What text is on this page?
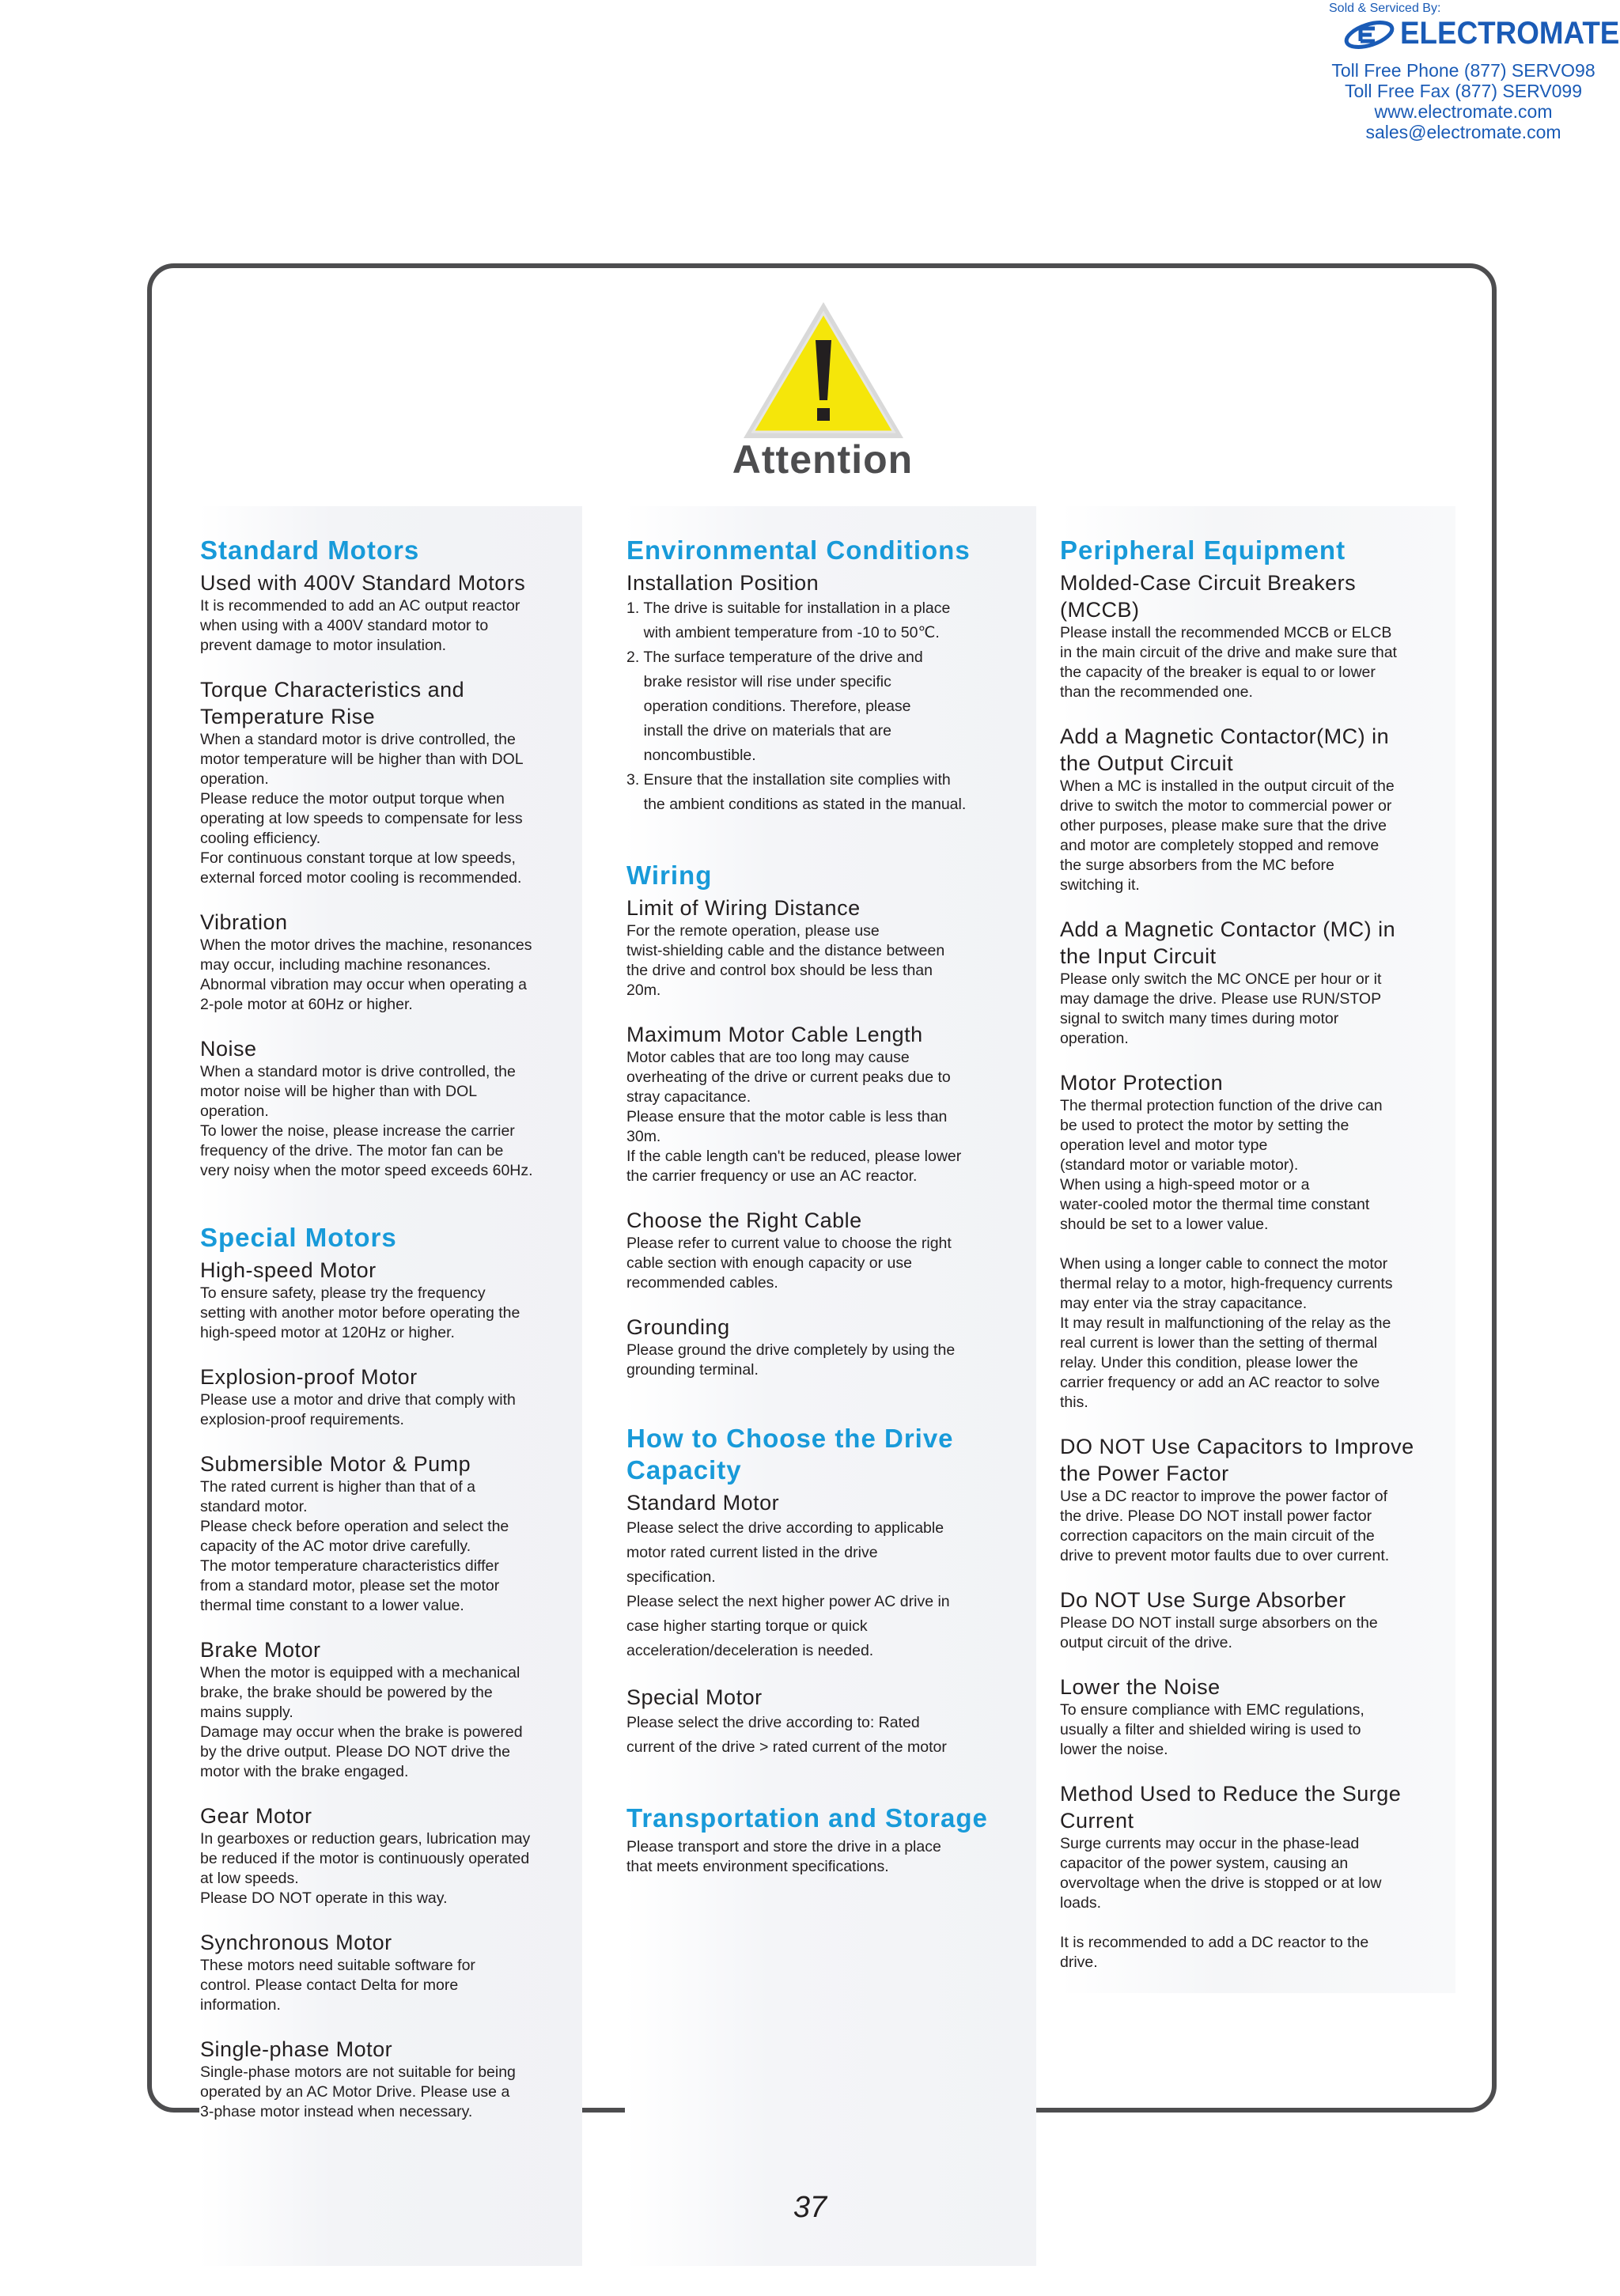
Sold & Serviced By:
ELECTROMATE
Toll Free Phone (877) SERVO98
Toll Free Fax (877) SERV099
www.electromate.com
sales@electromate.com
Attention
Standard Motors
Used with 400V Standard Motors
It is recommended to add an AC output reactor
when using with a 400V standard motor to
prevent damage to motor insulation.
Torque Characteristics and
Temperature Rise
When a standard motor is drive controlled, the
motor temperature will be higher than with DOL
operation.
Please reduce the motor output torque when
operating at low speeds to compensate for less
cooling efficiency.
For continuous constant torque at low speeds,
external forced motor cooling is recommended.
Vibration
When the motor drives the machine, resonances
may occur, including machine resonances.
Abnormal vibration may occur when operating a
2-pole motor at 60Hz or higher.
Noise
When a standard motor is drive controlled, the
motor noise will be higher than with DOL
operation.
To lower the noise, please increase the carrier
frequency of the drive. The motor fan can be
very noisy when the motor speed exceeds 60Hz.
Special Motors
High-speed Motor
To ensure safety, please try the frequency
setting with another motor before operating the
high-speed motor at 120Hz or higher.
Explosion-proof Motor
Please use a motor and drive that comply with
explosion-proof requirements.
Submersible Motor & Pump
The rated current is higher than that of a
standard motor.
Please check before operation and select the
capacity of the AC motor drive carefully.
The motor temperature characteristics differ
from a standard motor, please set the motor
thermal time constant to a lower value.
Brake Motor
When the motor is equipped with a mechanical
brake, the brake should be powered by the
mains supply.
Damage may occur when the brake is powered
by the drive output. Please DO NOT drive the
motor with the brake engaged.
Gear Motor
In gearboxes or reduction gears, lubrication may
be reduced if the motor is continuously operated
at low speeds.
Please DO NOT operate in this way.
Synchronous Motor
These motors need suitable software for
control. Please contact Delta for more
information.
Single-phase Motor
Single-phase motors are not suitable for being
operated by an AC Motor Drive. Please use a
3-phase motor instead when necessary.
Environmental Conditions
Installation Position
1. The drive is suitable for installation in a place
with ambient temperature from -10 to 50℃.
2. The surface temperature of the drive and
brake resistor will rise under specific
operation conditions. Therefore, please
install the drive on materials that are
noncombustible.
3. Ensure that the installation site complies with
the ambient conditions as stated in the manual.
Wiring
Limit of Wiring Distance
For the remote operation, please use
twist-shielding cable and the distance between
the drive and control box should be less than
20m.
Maximum Motor Cable Length
Motor cables that are too long may cause
overheating of the drive or current peaks due to
stray capacitance.
Please ensure that the motor cable is less than
30m.
If the cable length can't be reduced, please lower
the carrier frequency or use an AC reactor.
Choose the Right Cable
Please refer to current value to choose the right
cable section with enough capacity or use
recommended cables.
Grounding
Please ground the drive completely by using the
grounding terminal.
How to Choose the Drive
Capacity
Standard Motor
Please select the drive according to applicable
motor rated current listed in the drive
specification.
Please select the next higher power AC drive in
case higher starting torque or quick
acceleration/deceleration is needed.
Special Motor
Please select the drive according to: Rated
current of the drive > rated current of the motor
Transportation and Storage
Please transport and store the drive in a place
that meets environment specifications.
Peripheral Equipment
Molded-Case Circuit Breakers
(MCCB)
Please install the recommended MCCB or ELCB
in the main circuit of the drive and make sure that
the capacity of the breaker is equal to or lower
than the recommended one.
Add a Magnetic Contactor(MC) in
the Output Circuit
When a MC is installed in the output circuit of the
drive to switch the motor to commercial power or
other purposes, please make sure that the drive
and motor are completely stopped and remove
the surge absorbers from the MC before
switching it.
Add a Magnetic Contactor (MC) in
the Input Circuit
Please only switch the MC ONCE per hour or it
may damage the drive. Please use RUN/STOP
signal to switch many times during motor
operation.
Motor Protection
The thermal protection function of the drive can
be used to protect the motor by setting the
operation level and motor type
(standard motor or variable motor).
When using a high-speed motor or a
water-cooled motor the thermal time constant
should be set to a lower value.

When using a longer cable to connect the motor
thermal relay to a motor, high-frequency currents
may enter via the stray capacitance.
It may result in malfunctioning of the relay as the
real current is lower than the setting of thermal
relay. Under this condition, please lower the
carrier frequency or add an AC reactor to solve
this.
DO NOT Use Capacitors to Improve
the Power Factor
Use a DC reactor to improve the power factor of
the drive. Please DO NOT install power factor
correction capacitors on the main circuit of the
drive to prevent motor faults due to over current.
Do NOT Use Surge Absorber
Please DO NOT install surge absorbers on the
output circuit of the drive.
Lower the Noise
To ensure compliance with EMC regulations,
usually a filter and shielded wiring is used to
lower the noise.
Method Used to Reduce the Surge
Current
Surge currents may occur in the phase-lead
capacitor of the power system, causing an
overvoltage when the drive is stopped or at low
loads.

It is recommended to add a DC reactor to the
drive.
37
